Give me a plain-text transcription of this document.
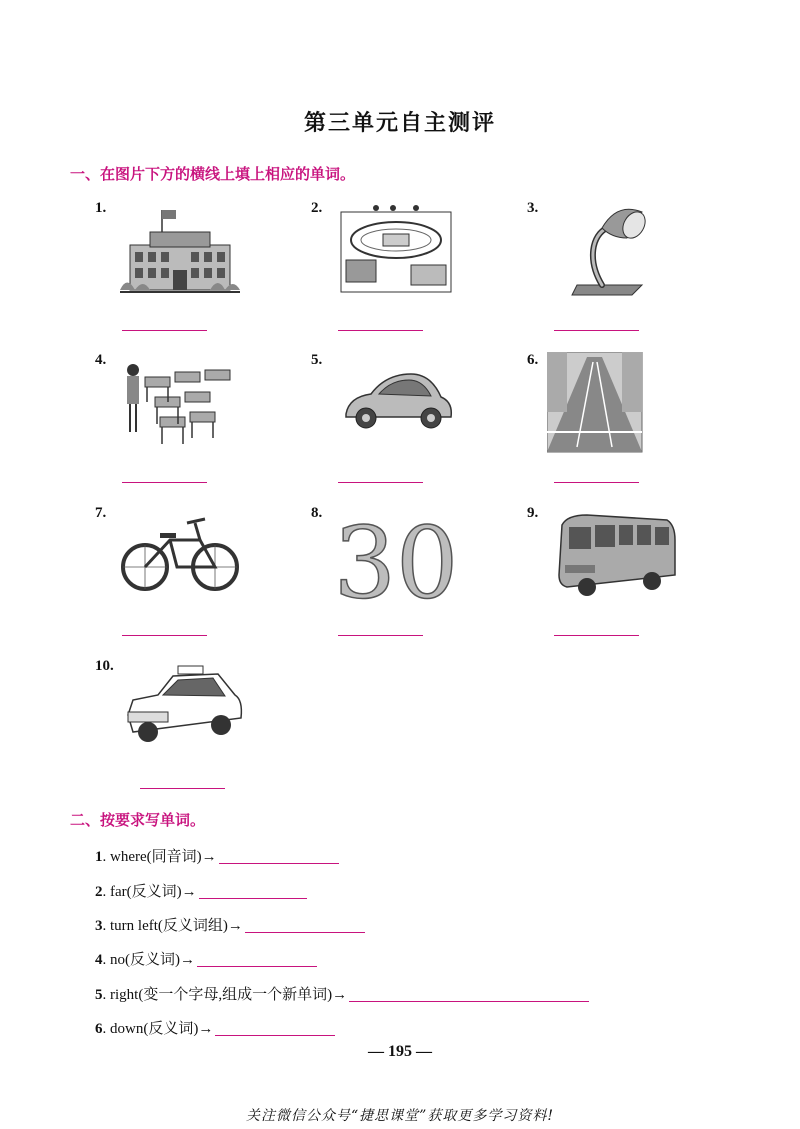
第三单元自主测评
一、在图片下方的横线上填上相应的单词。
1.	2.	3.
4.	5.	6.
7.	8. 30	9.
10.
二、按要求写单词。
1. where(同音词)→
2. far(反义词)→
3. turn left(反义词组)→
4. no(反义词)→
5. right(变一个字母,组成一个新单词)→
6. down(反义词)→
— 195 —
关注微信公众号“捷思课堂”获取更多学习资料!
